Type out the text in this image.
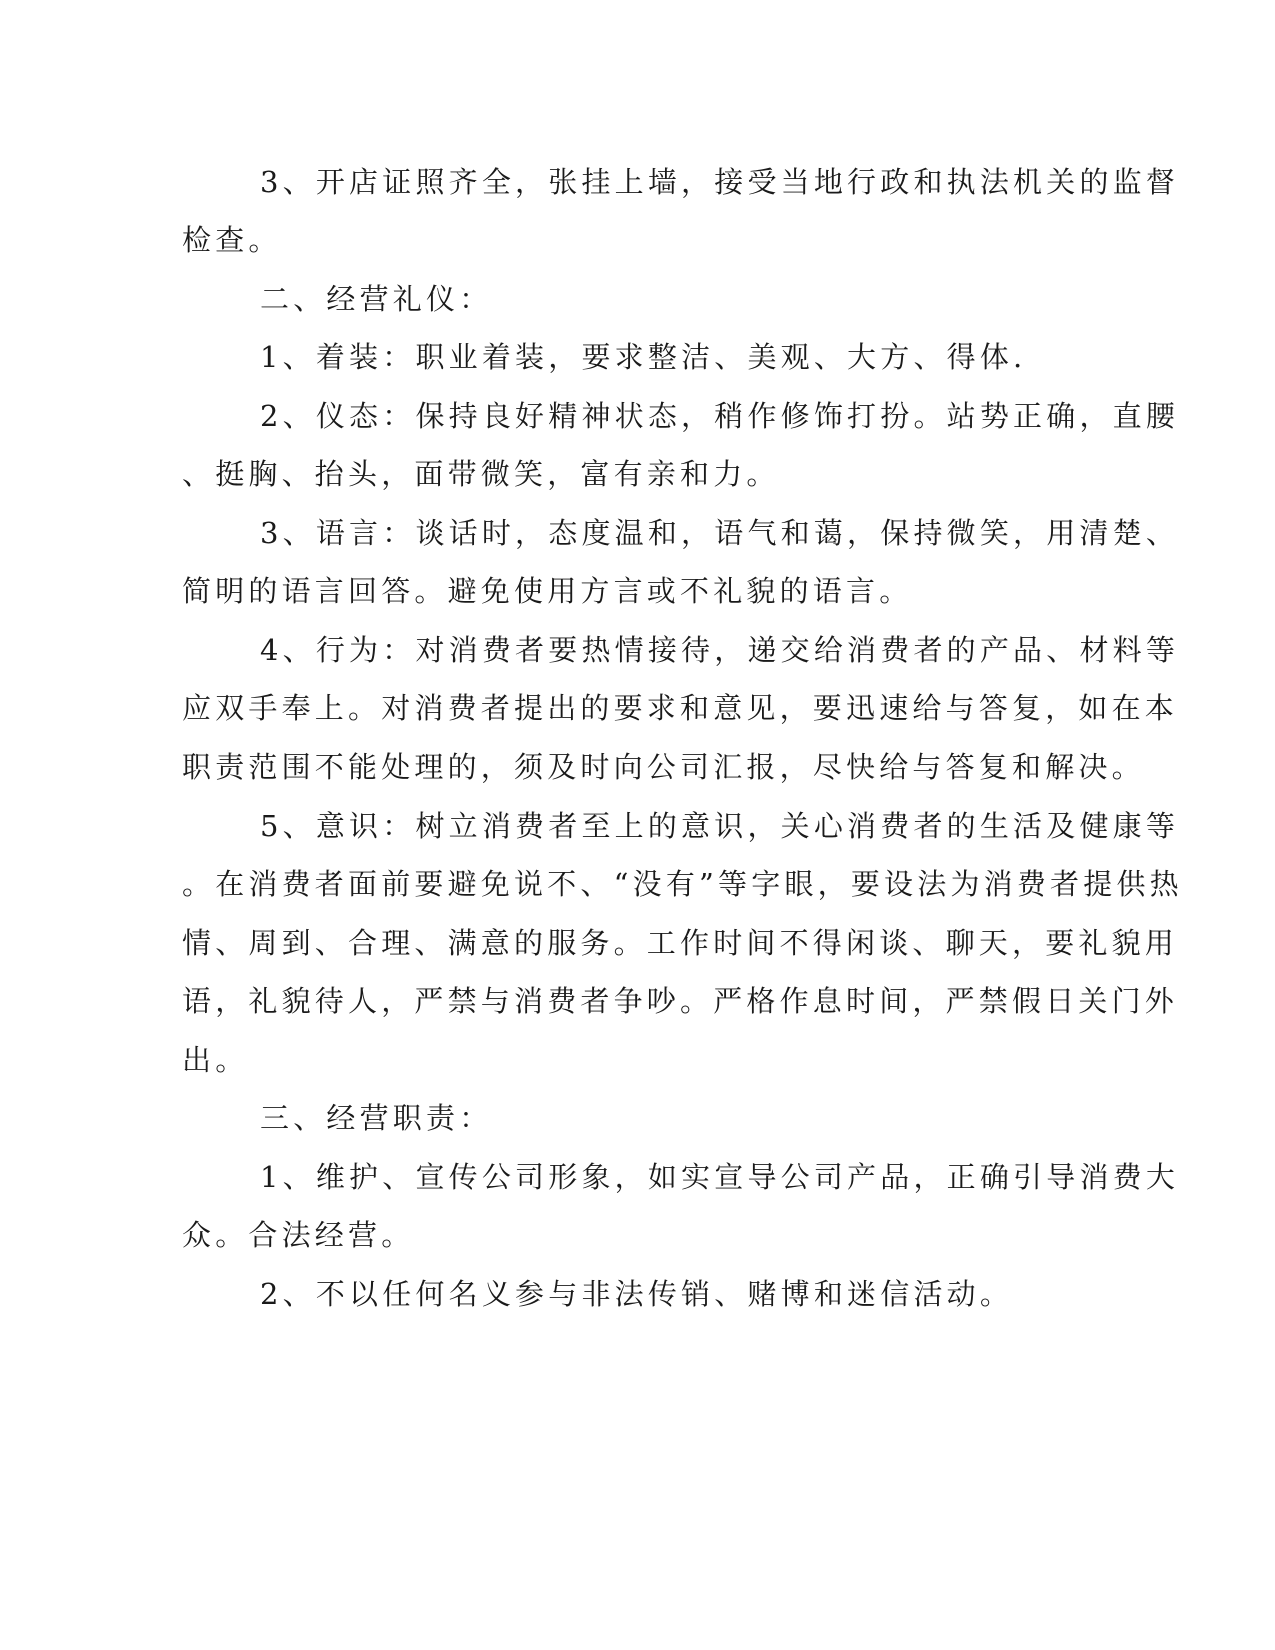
3、开店证照齐全，张挂上墙，接受当地行政和执法机关的监督
检查。
二、经营礼仪：
1、着装：职业着装，要求整洁、美观、大方、得体.
2、仪态：保持良好精神状态，稍作修饰打扮。站势正确，直腰
、挺胸、抬头，面带微笑，富有亲和力。
3、语言：谈话时，态度温和，语气和蔼，保持微笑，用清楚、
简明的语言回答。避免使用方言或不礼貌的语言。
4、行为：对消费者要热情接待，递交给消费者的产品、材料等
应双手奉上。对消费者提出的要求和意见，要迅速给与答复，如在本
职责范围不能处理的，须及时向公司汇报，尽快给与答复和解决。
5、意识：树立消费者至上的意识，关心消费者的生活及健康等
。在消费者面前要避免说不、“没有”等字眼，要设法为消费者提供热
情、周到、合理、满意的服务。工作时间不得闲谈、聊天，要礼貌用
语，礼貌待人，严禁与消费者争吵。严格作息时间，严禁假日关门外
出。
三、经营职责：
1、维护、宣传公司形象，如实宣导公司产品，正确引导消费大
众。合法经营。
2、不以任何名义参与非法传销、赌博和迷信活动。
